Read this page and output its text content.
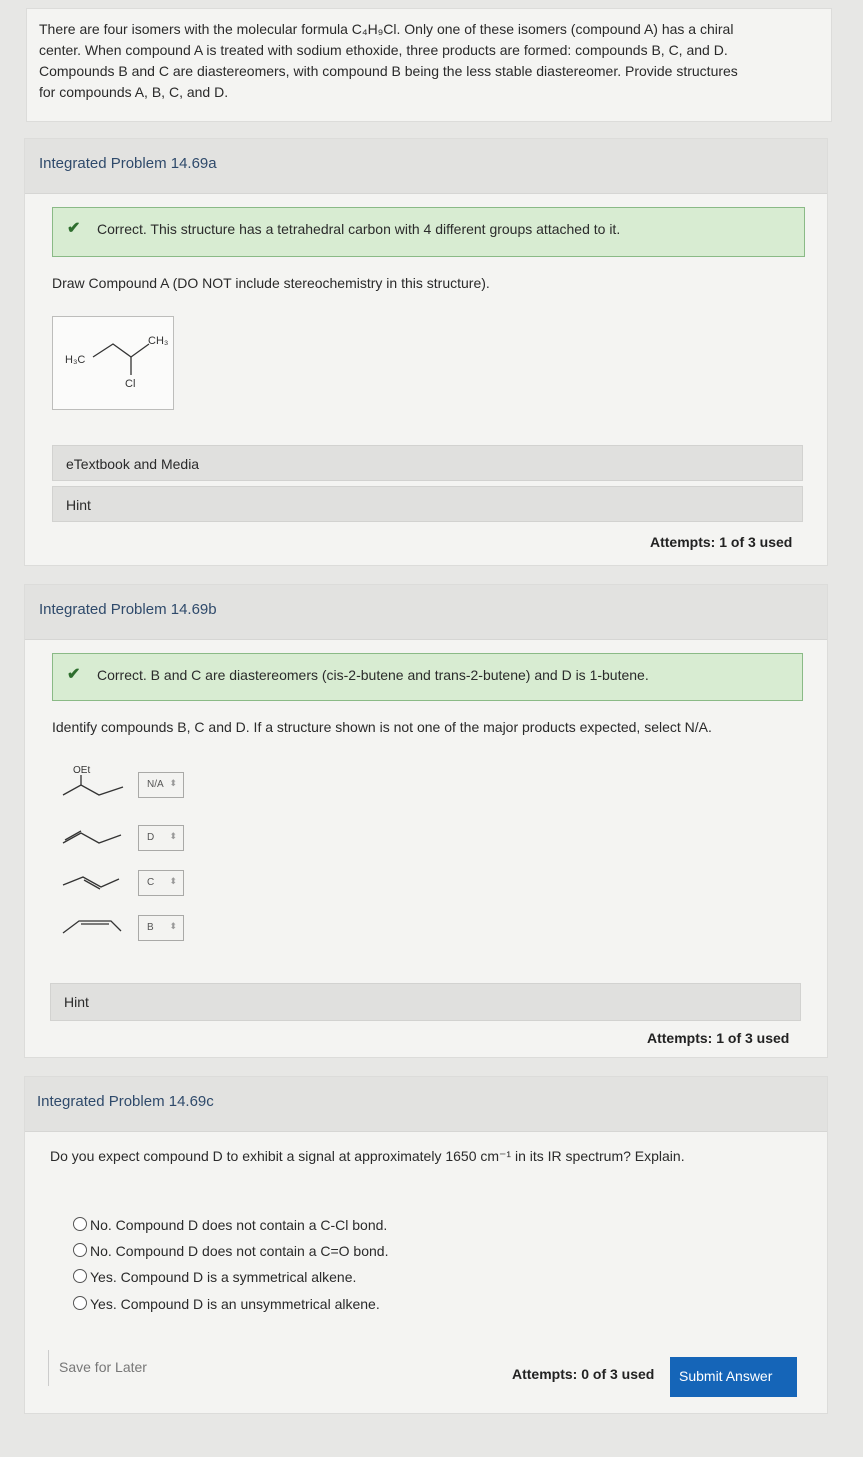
There are four isomers with the molecular formula C₄H₉Cl. Only one of these isomers (compound A) has a chiral
center. When compound A is treated with sodium ethoxide, three products are formed: compounds B, C, and D.
Compounds B and C are diastereomers, with compound B being the less stable diastereomer. Provide structures
for compounds A, B, C, and D.
Integrated Problem 14.69a
✔ Correct. This structure has a tetrahedral carbon with 4 different groups attached to it.
Draw Compound A (DO NOT include stereochemistry in this structure).
H₃C
CH₃
Cl
eTextbook and Media
Hint
Attempts: 1 of 3 used
Integrated Problem 14.69b
✔ Correct. B and C are diastereomers (cis-2-butene and trans-2-butene) and D is 1-butene.
Identify compounds B, C and D. If a structure shown is not one of the major products expected, select N/A.
OEt
N/A ⬍
D ⬍
C ⬍
B ⬍
Hint
Attempts: 1 of 3 used
Integrated Problem 14.69c
Do you expect compound D to exhibit a signal at approximately 1650 cm⁻¹ in its IR spectrum? Explain.
No. Compound D does not contain a C-Cl bond.
No. Compound D does not contain a C=O bond.
Yes. Compound D is a symmetrical alkene.
Yes. Compound D is an unsymmetrical alkene.
Save for Later	Attempts: 0 of 3 used	Submit Answer
